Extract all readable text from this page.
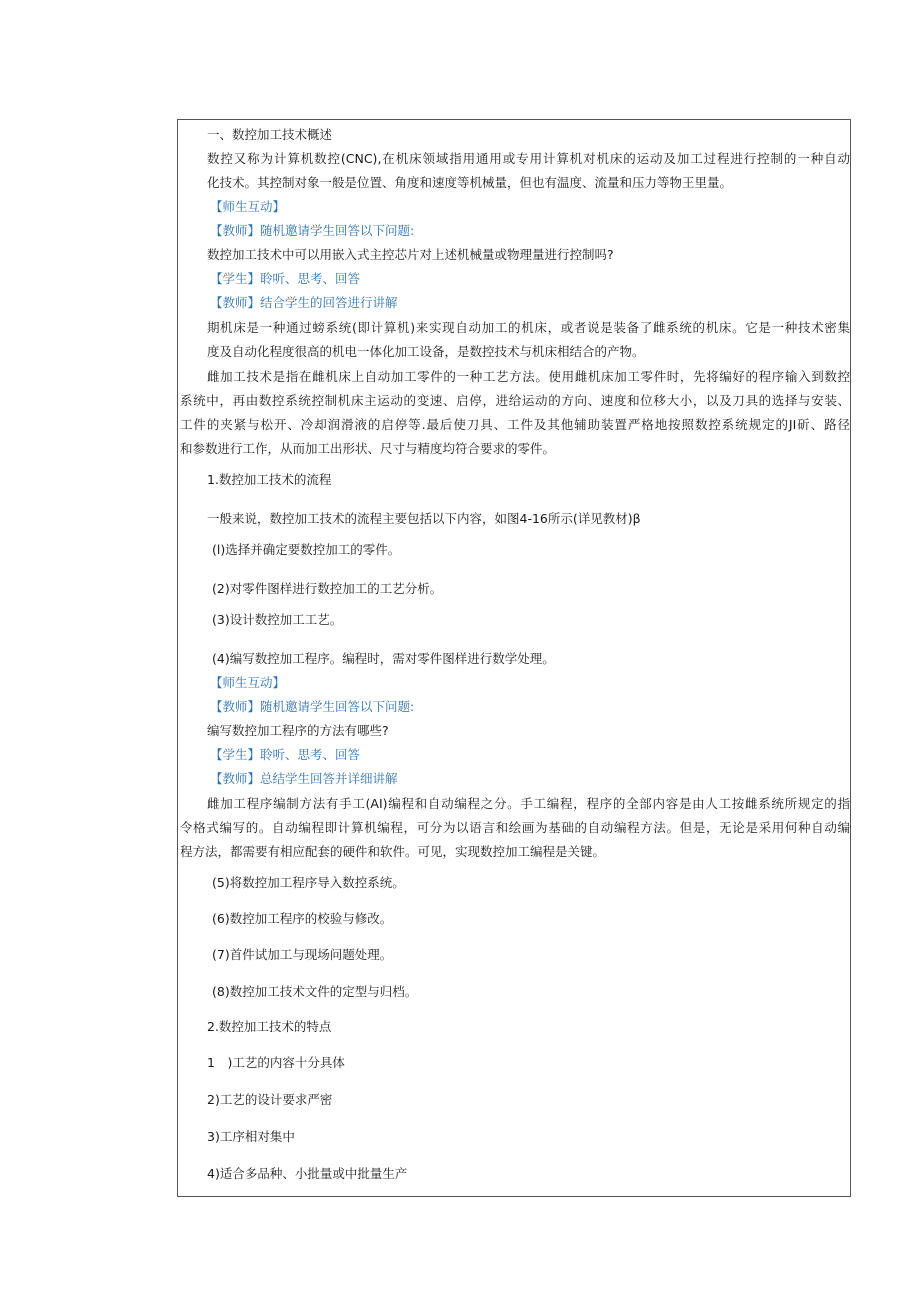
一、数控加工技术概述
数控又称为计算机数控(CNC),在机床领域指用通用或专用计算机对机床的运动及加工过程进行控制的一种自动
化技术。其控制对象一般是位置、角度和速度等机械量，但也有温度、流量和压力等物王里量。
【师生互动】
【教师】随机邀请学生回答以下问题:
数控加工技术中可以用嵌入式主控芯片对上述机械量或物理量进行控制吗?
【学生】聆听、思考、回答
【教师】结合学生的回答进行讲解
期机床是一种通过螃系统(即计算机)来实现自动加工的机床，或者说是装备了雌系统的机床。它是一种技术密集
度及自动化程度很高的机电一体化加工设备，是数控技术与机床相结合的产物。
雌加工技术是指在雌机床上自动加工零件的一种工艺方法。使用雌机床加工零件时，先将编好的程序输入到数控
系统中，再由数控系统控制机床主运动的变速、启停，进给运动的方向、速度和位移大小，以及刀具的选择与安装、
工件的夹紧与松开、冷却润滑液的启停等.最后使刀具、工件及其他辅助装置严格地按照数控系统规定的JI斫、路径
和参数进行工作，从而加工出形状、尺寸与精度均符合要求的零件。
1.数控加工技术的流程
一般来说，数控加工技术的流程主要包括以下内容，如图4-16所示(详见教材)β
(l)选择并确定要数控加工的零件。
(2)对零件图样进行数控加工的工艺分析。
(3)设计数控加工工艺。
(4)编写数控加工程序。编程时，需对零件图样进行数学处理。
【师生互动】
【教师】随机邀请学生回答以下问题:
编写数控加工程序的方法有哪些?
【学生】聆听、思考、回答
【教师】总结学生回答并详细讲解
雌加工程序编制方法有手工(AI)编程和自动编程之分。手工编程，程序的全部内容是由人工按雌系统所规定的指
令格式编写的。自动编程即计算机编程，可分为以语言和绘画为基础的自动编程方法。但是，无论是采用何种自动编
程方法，都需要有相应配套的硬件和软件。可见，实现数控加工编程是关键。
(5)将数控加工程序导入数控系统。
(6)数控加工程序的校验与修改。
(7)首件试加工与现场问题处理。
(8)数控加工技术文件的定型与归档。
2.数控加工技术的特点
1　)工艺的内容十分具体
2)工艺的设计要求严密
3)工序相对集中
4)适合多品种、小批量或中批量生产
